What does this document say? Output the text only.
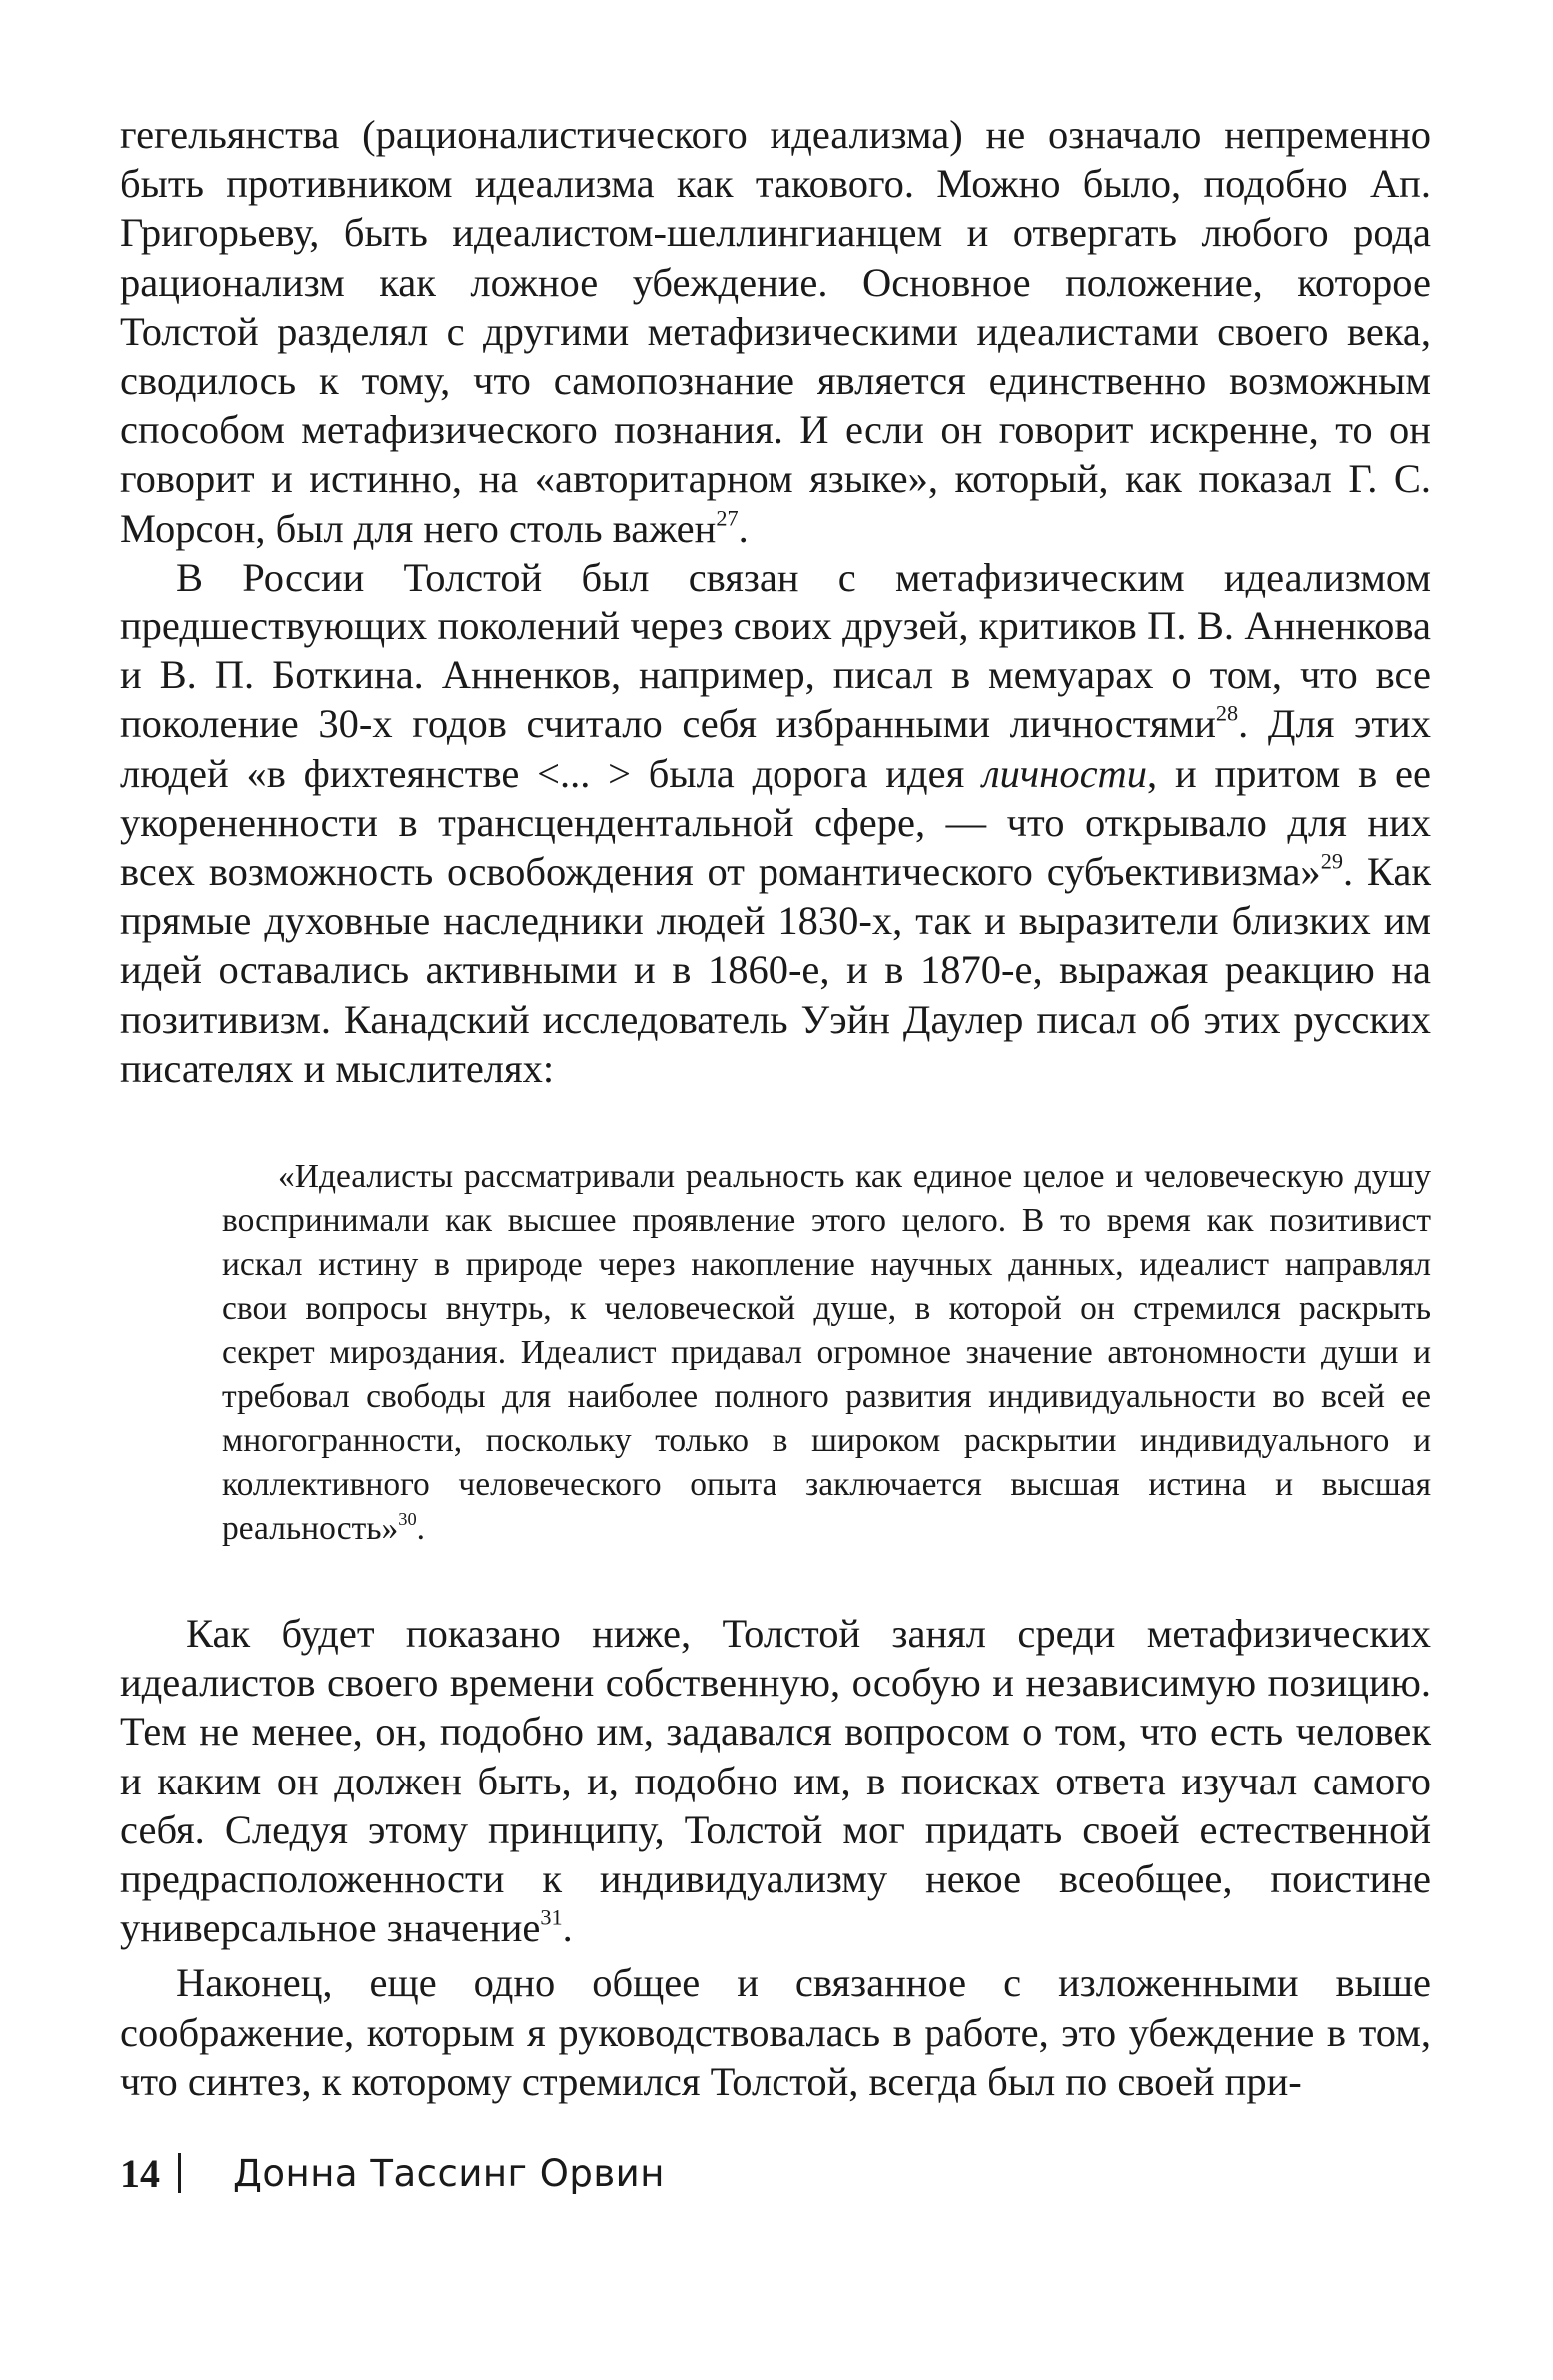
гегельянства (рационалистического идеализма) не означало непременно быть противником идеализма как такового. Можно было, подобно Ап. Григорьеву, быть идеалистом-шеллингианцем и отвергать любого рода рационализм как ложное убеждение. Основное положение, которое Толстой разделял с другими метафизическими идеалистами своего века, сводилось к тому, что самопознание является единственно возможным способом метафизического познания. И если он говорит искренне, то он говорит и истинно, на «авторитарном языке», который, как показал Г. С. Морсон, был для него столь важен$^{27}$.

В России Толстой был связан с метафизическим идеализмом предшествующих поколений через своих друзей, критиков П. В. Анненкова и В. П. Боткина. Анненков, например, писал в мемуарах о том, что все поколение 30-х годов считало себя избранными личностями$^{28}$. Для этих людей «в фихтеянстве <... > была дорога идея личности, и притом в ее укорененности в трансцендентальной сфере, — что открывало для них всех возможность освобождения от романтического субъективизма»$^{29}$. Как прямые духовные наследники людей 1830-х, так и выразители близких им идей оставались активными и в 1860-е, и в 1870-е, выражая реакцию на позитивизм. Канадский исследователь Уэйн Даулер писал об этих русских писателях и мыслителях:

«Идеалисты рассматривали реальность как единое целое и человеческую душу воспринимали как высшее проявление этого целого. В то время как позитивист искал истину в природе через накопление научных данных, идеалист направлял свои вопросы внутрь, к человеческой душе, в которой он стремился раскрыть секрет мироздания. Идеалист придавал огромное значение автономности души и требовал свободы для наиболее полного развития индивидуальности во всей ее многогранности, поскольку только в широком раскрытии индивидуального и коллективного человеческого опыта заключается высшая истина и высшая реальность»$^{30}$.

Как будет показано ниже, Толстой занял среди метафизических идеалистов своего времени собственную, особую и независимую позицию. Тем не менее, он, подобно им, задавался вопросом о том, что есть человек и каким он должен быть, и, подобно им, в поисках ответа изучал самого себя. Следуя этому принципу, Толстой мог придать своей естественной предрасположенности к индивидуализму некое всеобщее, поистине универсальное значение$^{31}$.

Наконец, еще одно общее и связанное с изложенными выше соображение, которым я руководствовалась в работе, это убеждение в том, что синтез, к которому стремился Толстой, всегда был по своей при-

14 Донна Тассинг Орвин
